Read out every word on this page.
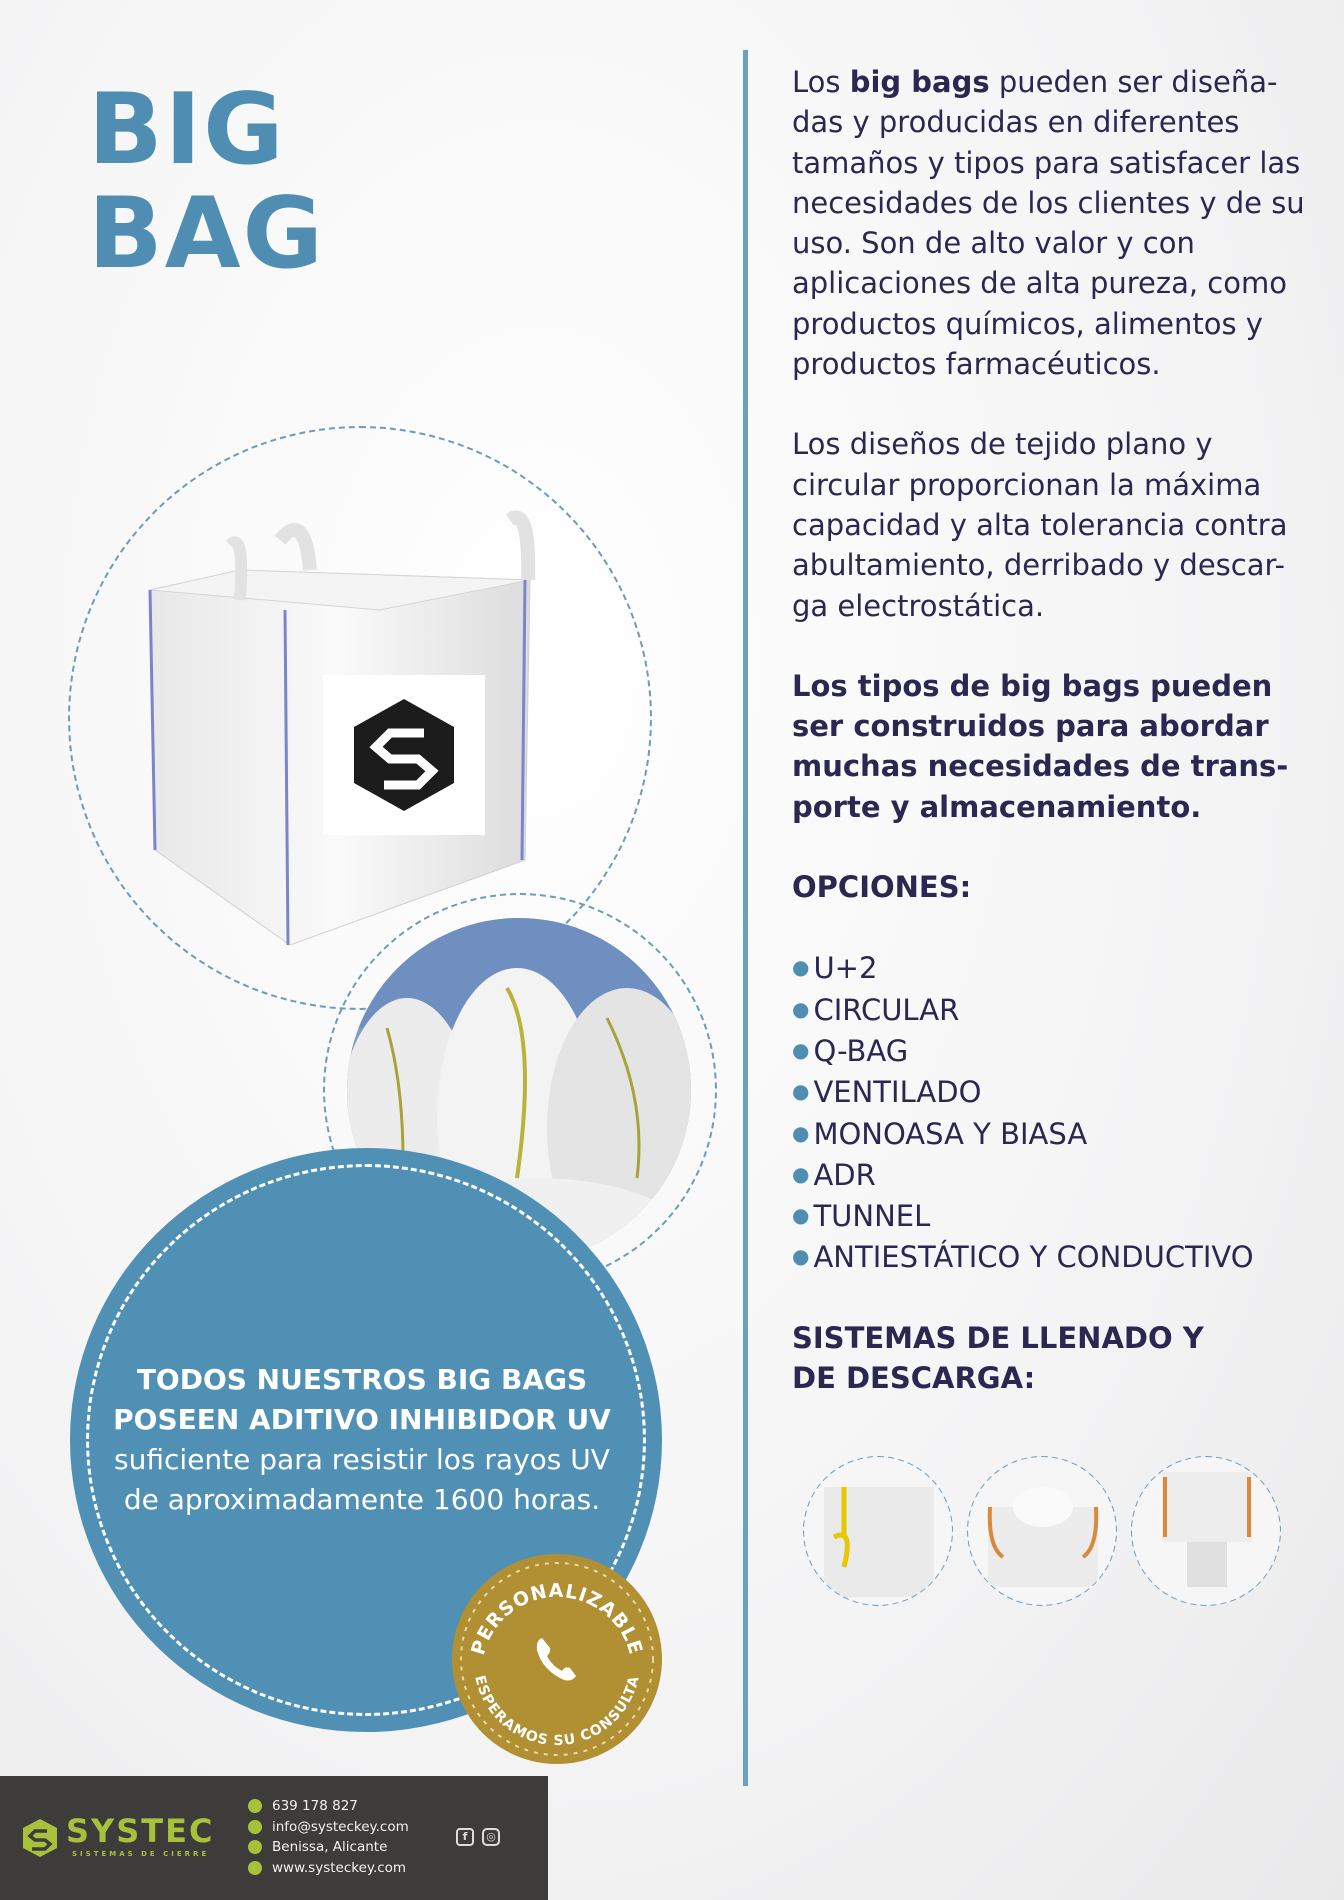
BIG
BAG

Los big bags pueden ser diseña-das y producidas en diferentes tamaños y tipos para satisfacer las necesidades de los clientes y de su uso. Son de alto valor y con aplicaciones de alta pureza, como productos químicos, alimentos y productos farmacéuticos.

Los diseños de tejido plano y circular proporcionan la máxima capacidad y alta tolerancia contra abultamiento, derribado y descar-ga electrostática.

Los tipos de big bags pueden ser construidos para abordar muchas necesidades de trans-porte y almacenamiento.

OPCIONES:

● U+2
● CIRCULAR
● Q-BAG
● VENTILADO
● MONOASA Y BIASA
● ADR
● TUNNEL
● ANTIESTÁTICO Y CONDUCTIVO

SISTEMAS DE LLENADO Y
DE DESCARGA:

TODOS NUESTROS BIG BAGS
POSEEN ADITIVO INHIBIDOR UV
suficiente para resistir los rayos UV
de aproximadamente 1600 horas.
PERSONALIZABLE
ESPERAMOS SU CONSULTA
SYSTEC
SISTEMAS DE CIERRE
639 178 827
info@systeckey.com
Benissa, Alicante
www.systeckey.com
f	◎
